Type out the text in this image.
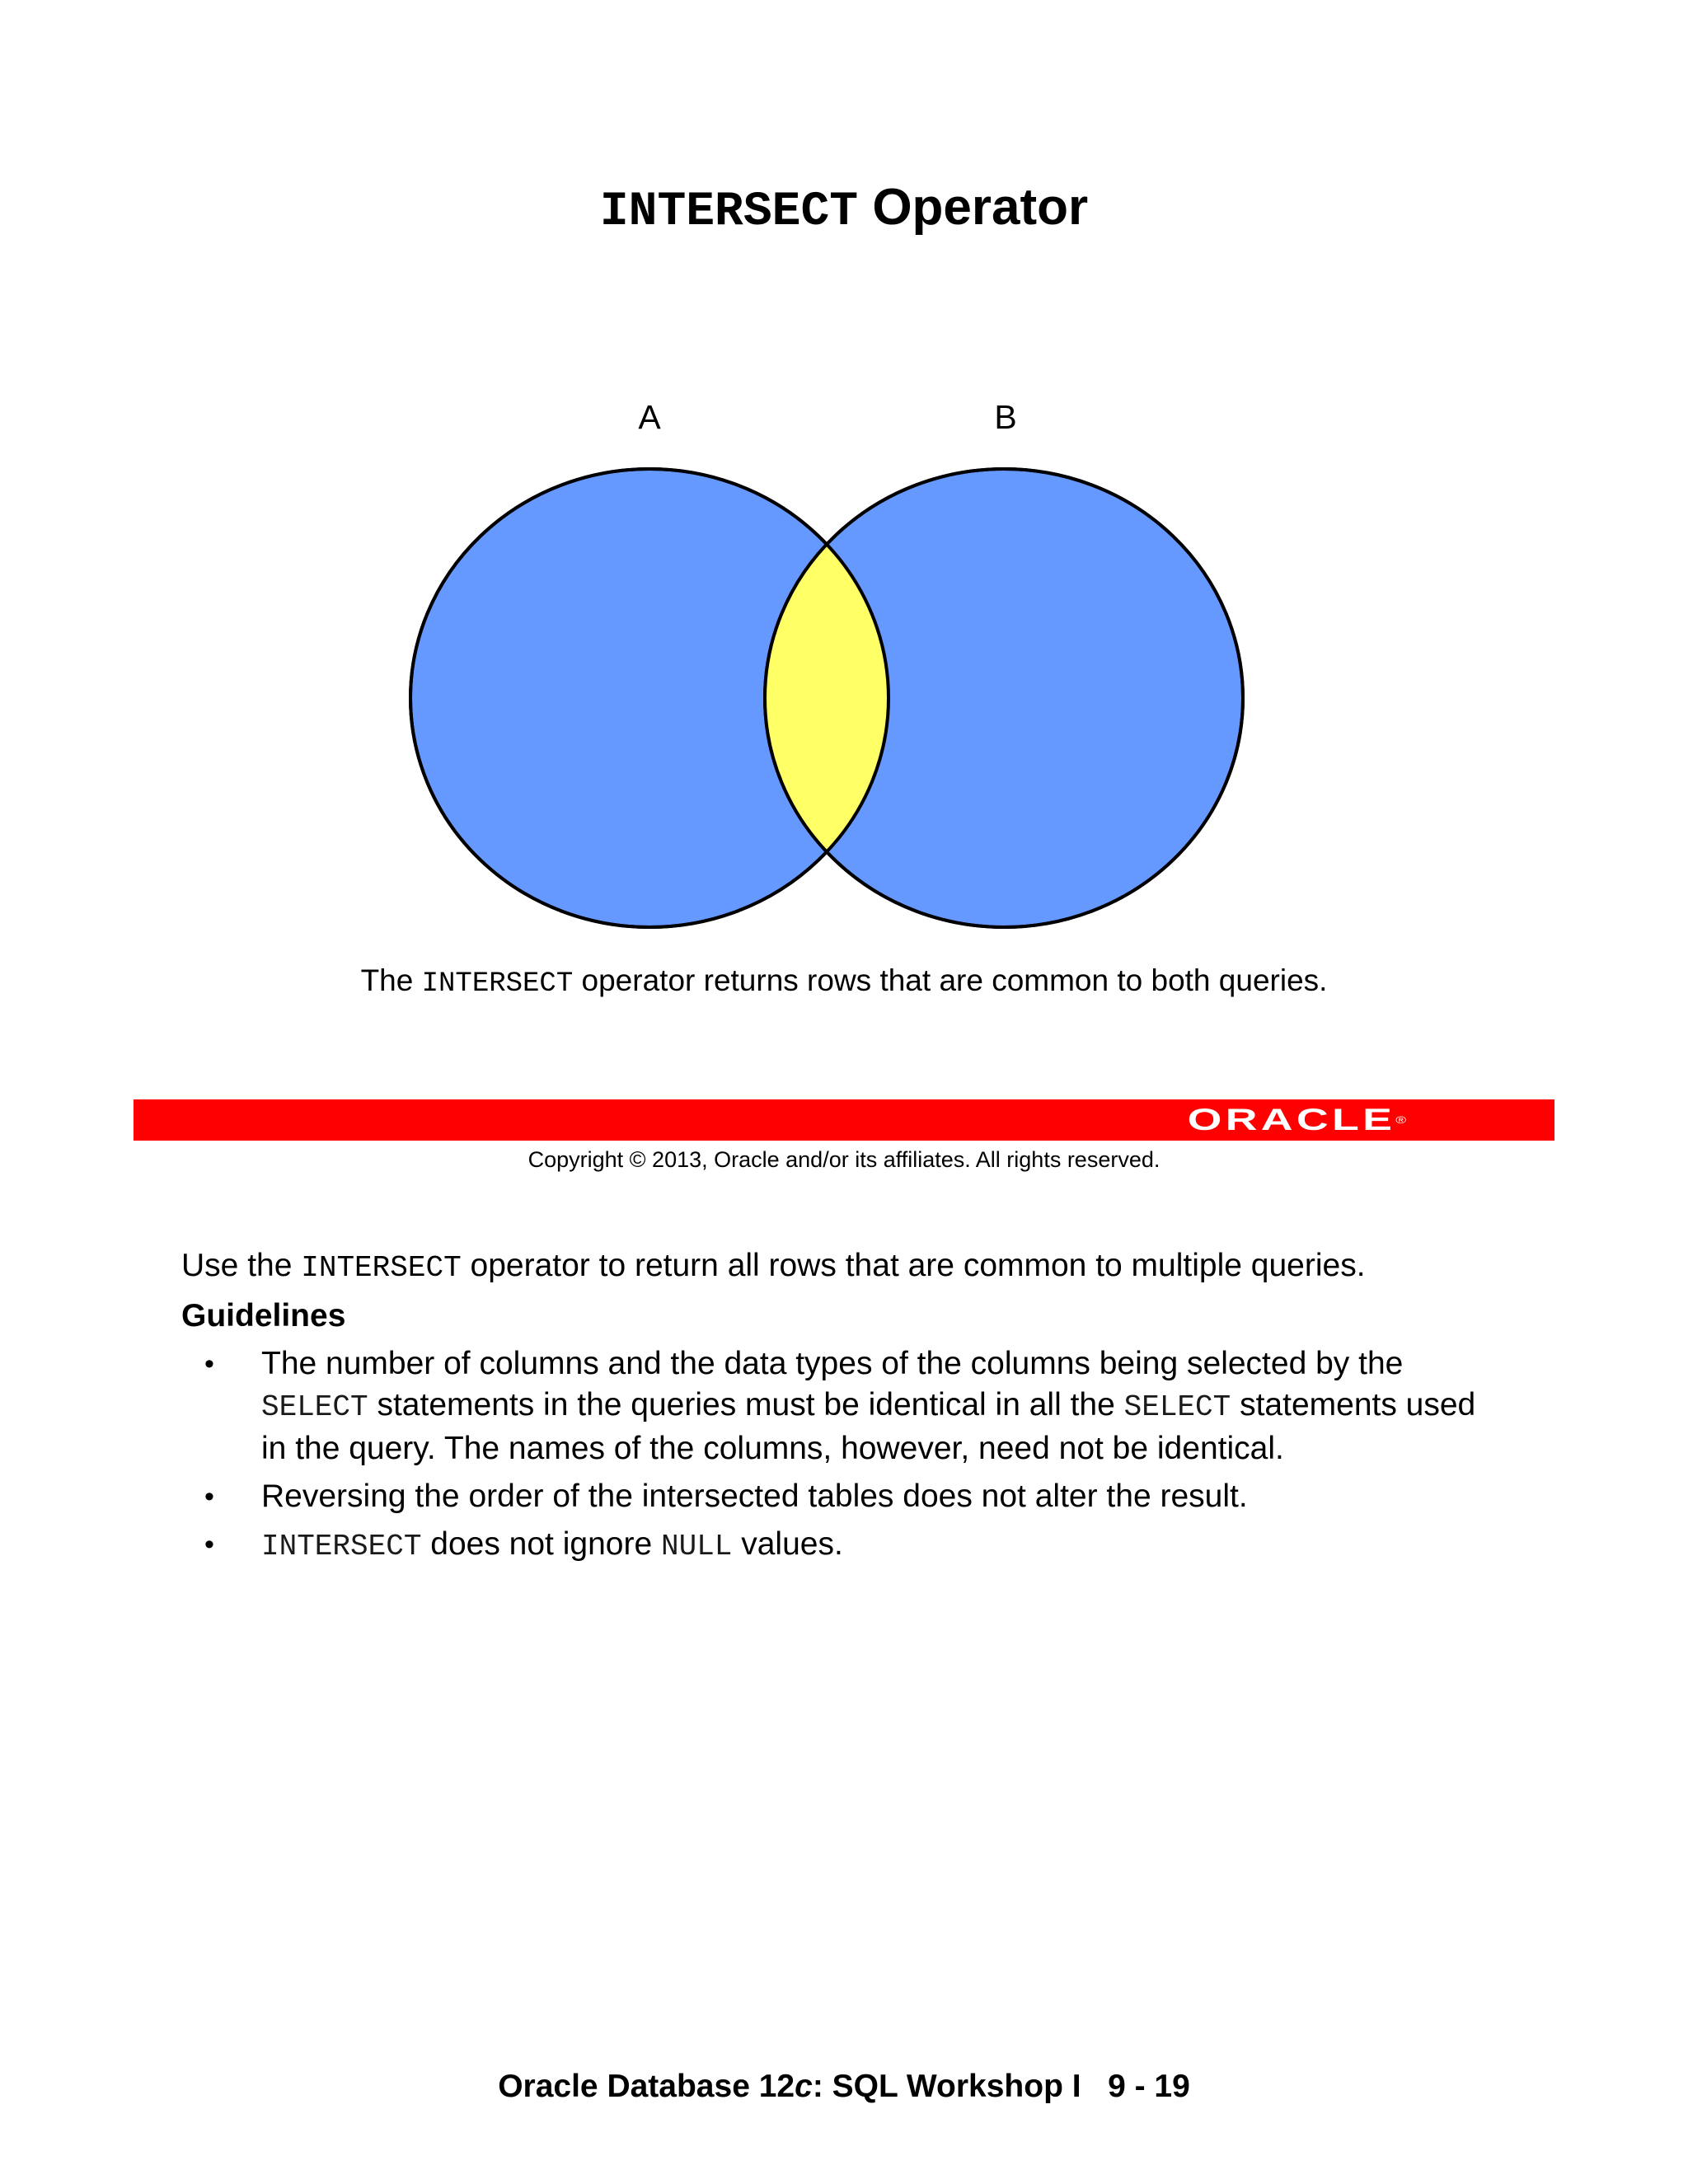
INTERSECT Operator
A	B
The INTERSECT operator returns rows that are common to both queries.
ORACLE®
Copyright © 2013, Oracle and/or its affiliates. All rights reserved.
Use the INTERSECT operator to return all rows that are common to multiple queries.
Guidelines
• The number of columns and the data types of the columns being selected by the
SELECT statements in the queries must be identical in all the SELECT statements used
in the query. The names of the columns, however, need not be identical.
• Reversing the order of the intersected tables does not alter the result.
• INTERSECT does not ignore NULL values.
Oracle Database 12c: SQL Workshop I   9 - 19
